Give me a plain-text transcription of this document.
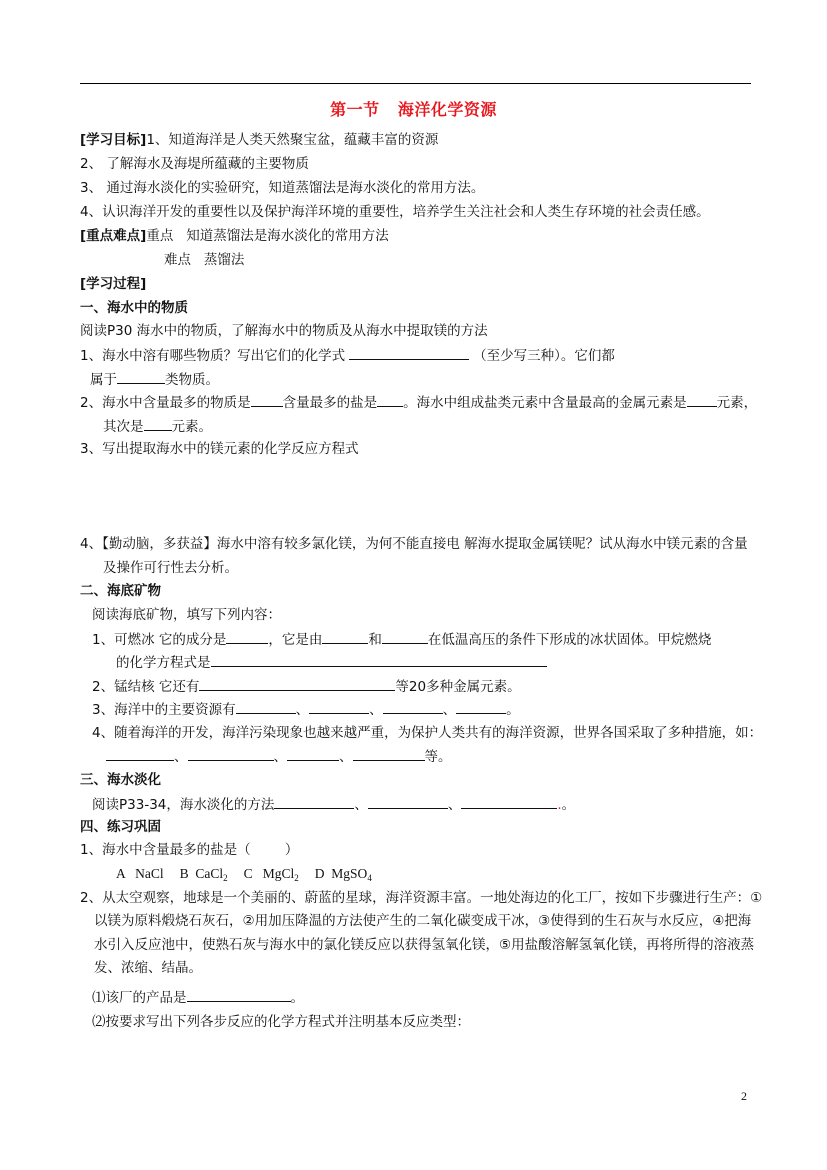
第一节   海洋化学资源
[学习目标]1、知道海洋是人类天然聚宝盆，蕴藏丰富的资源
2、 了解海水及海堤所蕴藏的主要物质
3、 通过海水淡化的实验研究，知道蒸馏法是海水淡化的常用方法。
4、认识海洋开发的重要性以及保护海洋环境的重要性，培养学生关注社会和人类生存环境的社会责任感。
[重点难点]重点   知道蒸馏法是海水淡化的常用方法
难点   蒸馏法
[学习过程]
一、海水中的物质
阅读P30 海水中的物质，了解海水中的物质及从海水中提取镁的方法
1、海水中溶有哪些物质？写出它们的化学式	（至少写三种）。它们都
属于	类物质。
2、海水中含量最多的物质是 含量最多的盐是 。海水中组成盐类元素中含量最高的金属元素是 元素，
其次是 元素。
3、写出提取海水中的镁元素的化学反应方程式
4、【勤动脑，多获益】海水中溶有较多氯化镁，为何不能直接电 解海水提取金属镁呢？试从海水中镁元素的含量
及操作可行性去分析。
二、海底矿物
阅读海底矿物，填写下列内容：
1、可燃冰 它的成分是	，它是由	和	在低温高压的条件下形成的冰状固体。甲烷燃烧
的化学方程式是
2、锰结核 它还有	等20多种金属元素。
3、海洋中的主要资源有	、	、	、	。
4、随着海洋的开发，海洋污染现象也越来越严重，为保护人类共有的海洋资源，世界各国采取了多种措施，如：
、	、	、	等。
三、海水淡化
阅读P33-34，海水淡化的方法	、	、	.。
四、练习巩固
1、海水中含量最多的盐是（        ）
A   NaCl B  CaCl$_2$ C   MgCl$_2$ D  MgSO$_4$
2、从太空观察，地球是一个美丽的、蔚蓝的星球，海洋资源丰富。一地处海边的化工厂，按如下步骤进行生产：①
以镁为原料煅烧石灰石，②用加压降温的方法使产生的二氧化碳变成干冰，③使得到的生石灰与水反应，④把海
水引入反应池中，使熟石灰与海水中的氯化镁反应以获得氢氧化镁，⑤用盐酸溶解氢氧化镁，再将所得的溶液蒸
发、浓缩、结晶。
⑴该厂的产品是	。
⑵按要求写出下列各步反应的化学方程式并注明基本反应类型：
2
